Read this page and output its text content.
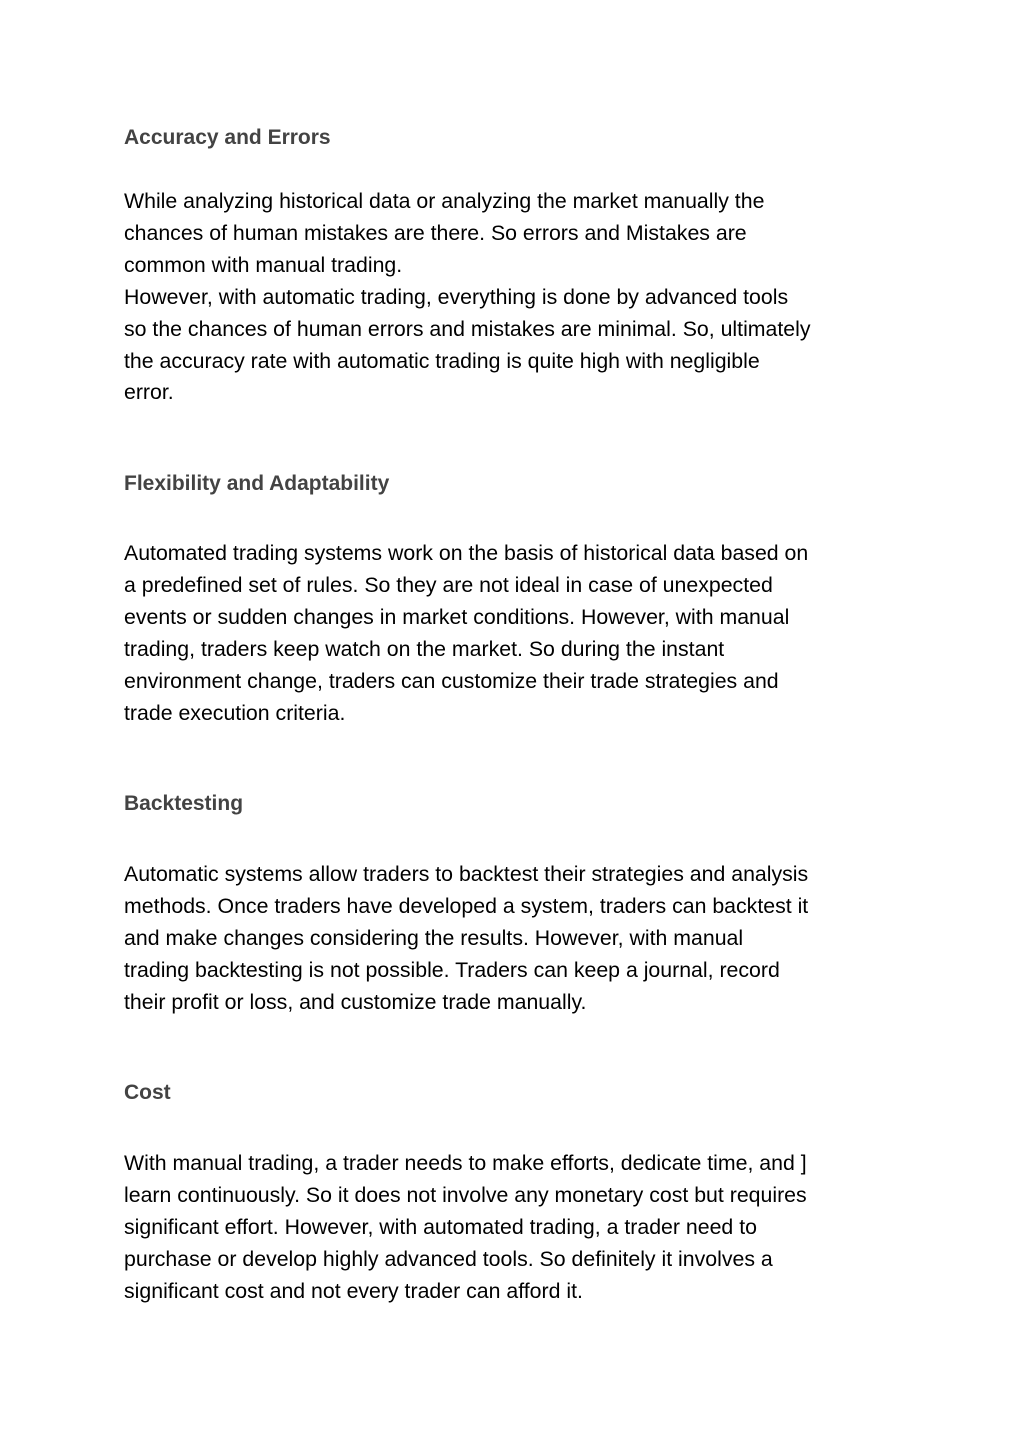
Accuracy and Errors
While analyzing historical data or analyzing the market manually the
chances of human mistakes are there. So errors and Mistakes are
common with manual trading.
However, with automatic trading, everything is done by advanced tools
so the chances of human errors and mistakes are minimal. So, ultimately
the accuracy rate with automatic trading is quite high with negligible
error.
Flexibility and Adaptability
Automated trading systems work on the basis of historical data based on
a predefined set of rules. So they are not ideal in case of unexpected
events or sudden changes in market conditions. However, with manual
trading, traders keep watch on the market. So during the instant
environment change, traders can customize their trade strategies and
trade execution criteria.
Backtesting
Automatic systems allow traders to backtest their strategies and analysis
methods. Once traders have developed a system, traders can backtest it
and make changes considering the results. However, with manual
trading backtesting is not possible. Traders can keep a journal, record
their profit or loss, and customize trade manually.
Cost
With manual trading, a trader needs to make efforts, dedicate time, and ]
learn continuously. So it does not involve any monetary cost but requires
significant effort. However, with automated trading, a trader need to
purchase or develop highly advanced tools. So definitely it involves a
significant cost and not every trader can afford it.
